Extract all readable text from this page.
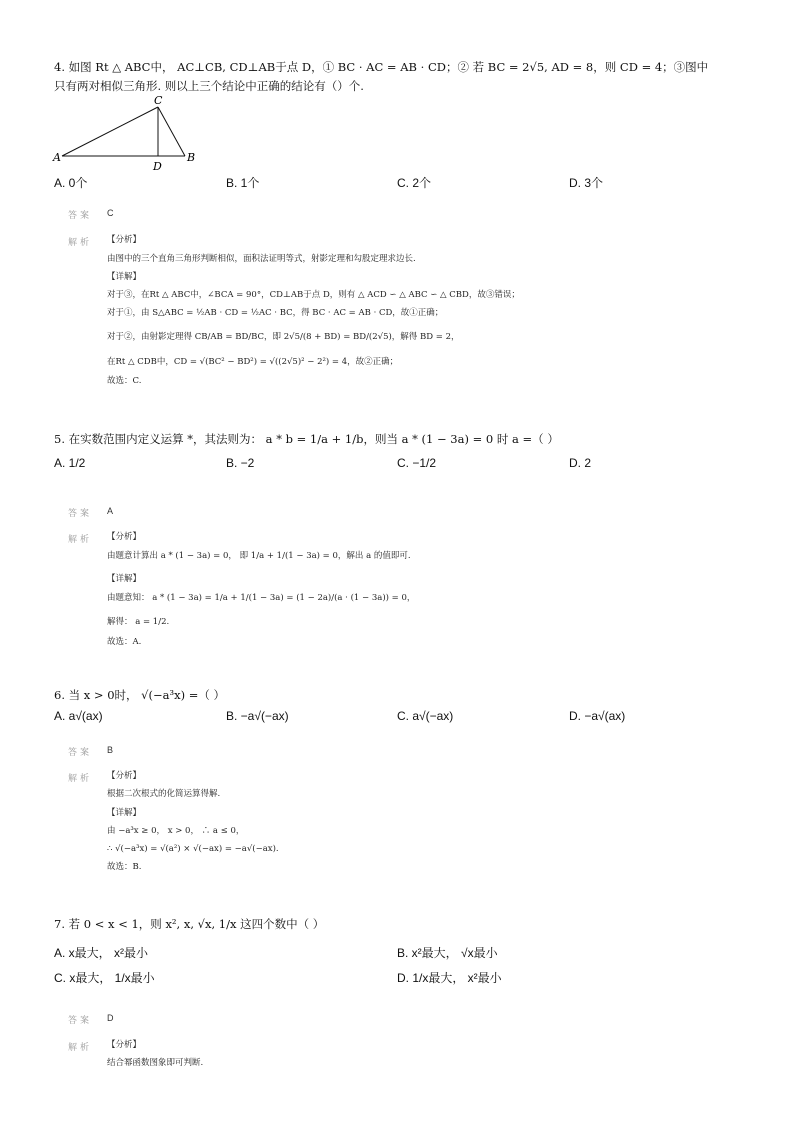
4. 如图 Rt △ ABC中， AC⊥CB, CD⊥AB于点 D，① BC · AC = AB · CD；② 若 BC = 2√5, AD = 8，则 CD = 4；③图中
只有两对相似三角形. 则以上三个结论中正确的结论有（）个.
A	B
C
D
A. 0个	B. 1个	C. 2个	D. 3个
答案 C
解析 【分析】
由图中的三个直角三角形判断相似，面积法证明等式，射影定理和勾股定理求边长.
【详解】
对于③，在Rt △ ABC中，∠BCA = 90°，CD⊥AB于点 D，则有 △ ACD ∽ △ ABC ∽ △ CBD，故③错误；
对于①，由 S△ABC = ½AB · CD = ½AC · BC，得 BC · AC = AB · CD，故①正确；
对于②，由射影定理得 CB/AB = BD/BC，即 2√5/(8 + BD) = BD/(2√5)，解得 BD = 2，
在Rt △ CDB中，CD = √(BC² − BD²) = √((2√5)² − 2²) = 4，故②正确；
故选：C.
5. 在实数范围内定义运算 *，其法则为： a * b = 1/a + 1/b，则当 a * (1 − 3a) = 0 时 a =（ ）
A. 1/2	B. −2	C. −1/2	D. 2
答案 A
解析 【分析】
由题意计算出 a * (1 − 3a) = 0， 即 1/a + 1/(1 − 3a) = 0，解出 a 的值即可.
【详解】
由题意知： a * (1 − 3a) = 1/a + 1/(1 − 3a) = (1 − 2a)/(a · (1 − 3a)) = 0，
解得： a = 1/2.
故选：A.
6. 当 x > 0时， √(−a³x) =（ ）
A. a√(ax)	B. −a√(−ax)	C. a√(−ax)	D. −a√(ax)
答案 B
解析 【分析】
根据二次根式的化简运算得解.
【详解】
由 −a³x ≥ 0， x > 0， ∴ a ≤ 0，
∴ √(−a³x) = √(a²) × √(−ax) = −a√(−ax).
故选：B.
7. 若 0 < x < 1，则 x², x, √x, 1/x 这四个数中（ ）
A. x最大， x²最小	B. x²最大， √x最小
C. x最大， 1/x最小	D. 1/x最大， x²最小
答案 D
解析 【分析】
结合幂函数图象即可判断.
